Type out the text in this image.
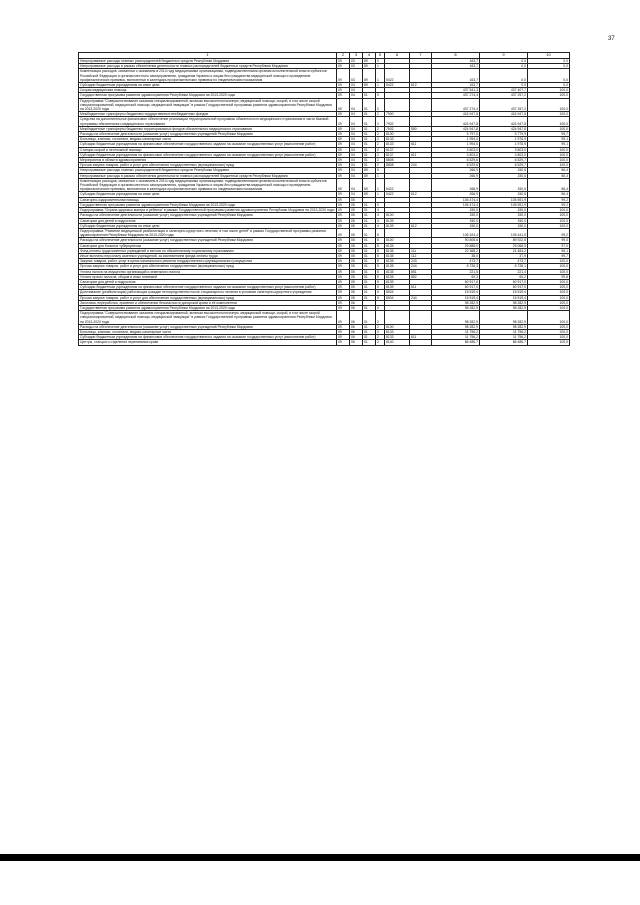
37
1	2	3	4	5	6	7	8	9	10
Непрограммные расходы главных распорядителей бюджетных средств Республики Мордовия	09	03	89	0			163,7	0,0	0,0
Непрограммные расходы в рамках обеспечения деятельности главных распорядителей бюджетных средств Республики Мордовия	09	03	89	1			163,7	0,0	0,0
Компенсация расходов, связанных с оказанием в 2014 году медицинскими организациями, подведомственными органам исполнительной власти субъектов Российской Федерации и органам местного самоуправления, гражданам Украины и лицам без гражданства медицинской помощи и проведением профилактических прививок, включенных в календарь профилактических прививок по эпидемическим показаниям	09	03	89	1	5422		163,7	0,0	0,0
Субсидии бюджетным учреждениям на иные цели	09	03	89	1	5422	612	163,7	0,0	0,0
Скорая медицинская помощь	09	04					437 541,3	437 407,7	100,0
Государственная программа развития здравоохранения Республики Мордовия на 2013-2020 годы	09	04	01	0			437 274,4	437 257,2	100,0
Подпрограмма "Совершенствование оказания специализированной, включая высокотехнологичную, медицинской помощи, скорой, в том числе скорой специализированной, медицинской помощи, медицинской эвакуации" в рамках Государственной программы развития здравоохранения Республики Мордовия на 2013-2020 годы	09	04	01	2			437 274,4	437 257,2	100,0
Межбюджетные трансферты бюджетам государственных внебюджетных фондов	09	04	01	2	7900		424 947,8	424 947,8	100,0
Средства на дополнительное финансовое обеспечение реализации территориальной программы обязательного медицинского страхования в части базовой программы обязательного медицинского страхования	09	04	01	2	7902		424 947,8	424 947,8	100,0
Межбюджетные трансферты бюджетам территориальных фондов обязательного медицинского страхования	09	04	01	2	7902	580	424 947,8	424 947,8	100,0
Расходы на обеспечение деятельности (оказание услуг) государственных учреждений Республики Мордовия	09	04	01	2	8100		5 797,0	5 779,9	99,7
Больницы, клиники, госпитали, медико-санитарные части	09	04	01	2	8133		1 994,0	1 976,9	99,1
Субсидии бюджетным учреждениям на финансовое обеспечение государственного задания на оказание государственных услуг (выполнение работ)	09	04	01	2	8133	611	1 994,0	1 976,9	99,1
Станции скорой и неотложной помощи	09	04	01	2	8137		3 803,0	3 803,0	100,0
Субсидии бюджетным учреждениям на финансовое обеспечение государственного задания на оказание государственных услуг (выполнение работ)	09	04	01	2	8137	611	3 803,0	3 803,0	100,0
Мероприятия в области здравоохранения	09	04	01	2	8808		6 529,6	6 529,7	100,0
Прочая закупка товаров, работ и услуг для обеспечения государственных (муниципальных) нужд	09	04	01	2	8808	244	6 529,6	6 529,7	100,0
Непрограммные расходы главных распорядителей бюджетных средств Республики Мордовия	09	04	89	0			266,9	150,5	56,4
Непрограммные расходы в рамках обеспечения деятельности главных распорядителей бюджетных средств Республики Мордовия	09	04	89	1			266,9	150,5	56,4
Компенсация расходов, связанных с оказанием в 2014 году медицинскими организациями, подведомственными органам исполнительной власти субъектов Российской Федерации и органам местного самоуправления, гражданам Украины и лицам без гражданства медицинской помощи и проведением профилактических прививок, включенных в календарь профилактических прививок по эпидемическим показаниям	09	04	89	1	5422		266,9	150,5	56,4
Субсидии бюджетным учреждениям на иные цели	09	04	89	1	5422	612	266,9	150,5	56,4
Санаторно-оздоровительная помощь	09	05					106 474,4	105 591,9	99,2
Государственная программа развития здравоохранения Республики Мордовия на 2013-2020 годы	09	05	01	0			106 474,4	105 591,9	99,2
Подпрограмма "Охрана здоровья матери и ребенка" в рамках Государственной программы развития здравоохранения Республики Мордовия на 2013-2020 годы	09	05	01	4			150,0	150,0	100,0
Расходы на обеспечение деятельности (оказание услуг) государственных учреждений Республики Мордовия	09	05	01	4	8100		150,0	150,0	100,0
Санатории для детей и подростков	09	05	01	4	8139		150,0	150,0	100,0
Субсидии бюджетным учреждениям на иные цели	09	05	01	4	8139	612	150,0	150,0	100,0
Подпрограмма "Развитие медицинской реабилитации и санаторно-курортного лечения, в том числе детей" в рамках Государственной программы развития здравоохранения Республики Мордовия на 2013-2020 годы	09	05	01	5			106 324,4	105 441,9	99,2
Расходы на обеспечение деятельности (оказание услуг) государственных учреждений Республики Мордовия	09	05	01	5	8100		90 805,6	89 922,5	99,0
Санатории для больных туберкулезом	09	05	01	5	8135		29 888,0	29 068,5	97,0
Фонд оплаты труда казенных учреждений и взносы по обязательному социальному страхованию	09	05	01	5	8135	111	22 368,2	21 484,2	96,1
Иные выплаты персоналу казенных учреждений, за исключением фонда оплаты труда	09	05	01	5	8135	112	38,0	37,9	99,7
Закупка товаров, работ, услуг в целях капитального ремонта государственного (муниципального) имущества	09	05	01	5	8135	243	473,7	473,7	100,0
Прочая закупка товаров, работ и услуг для обеспечения государственных (муниципальных) нужд	09	05	01	5	8135	244	6 726,3	6 728,1	100,0
Уплата налога на имущество организаций и земельного налога	09	05	01	5	8135	851	221,5	221,4	100,0
Уплата прочих налогов, сборов и иных платежей	09	05	01	5	8135	852	60,3	60,2	99,8
Санатории для детей и подростков	09	05	01	5	8139		60 917,6	60 917,0	100,0
Субсидии бюджетным учреждениям на финансовое обеспечение государственного задания на оказание государственных услуг (выполнение работ)	09	05	01	5	8139	611	60 917,0	60 917,0	100,0
Долечивание (реабилитация) работающих граждан непосредственно после стационарного лечения в условиях санаторно-курортного учреждения	09	05	01	5	8504		15 519,4	15 519,4	100,0
Прочая закупка товаров, работ и услуг для обеспечения государственных (муниципальных) нужд	09	05	01	5	8504	244	15 519,4	15 519,4	100,0
Заготовка, переработка, хранение и обеспечение безопасности донорской крови и её компонентов	09	06					98 282,9	98 282,9	100,0
Государственная программа развития здравоохранения Республики Мордовия на 2013-2020 годы	09	06	01	0			98 282,9	98 282,9	100,0
Подпрограмма "Совершенствование оказания специализированной, включая высокотехнологичную, медицинской помощи, скорой, в том числе скорой специализированной, медицинской помощи, медицинской эвакуации" в рамках Государственной программы развития здравоохранения Республики Мордовия на 2013-2020 годы	09	06	01	2			98 282,9	98 282,9	100,0
Расходы на обеспечение деятельности (оказание услуг) государственных учреждений Республики Мордовия	09	06	01	2	8100		98 282,9	98 282,9	100,0
Больницы, клиники, госпитали, медико-санитарные части	09	06	01	2	8133		11 796,2	11 796,2	100,0
Субсидии бюджетным учреждениям на финансовое обеспечение государственного задания на оказание государственных услуг (выполнение работ)	09	06	01	2	8133	611	11 796,2	11 796,2	100,0
Центры, станции и отделения переливания крови	09	06	01	2	8140		86 486,7	86 486,7	100,0
